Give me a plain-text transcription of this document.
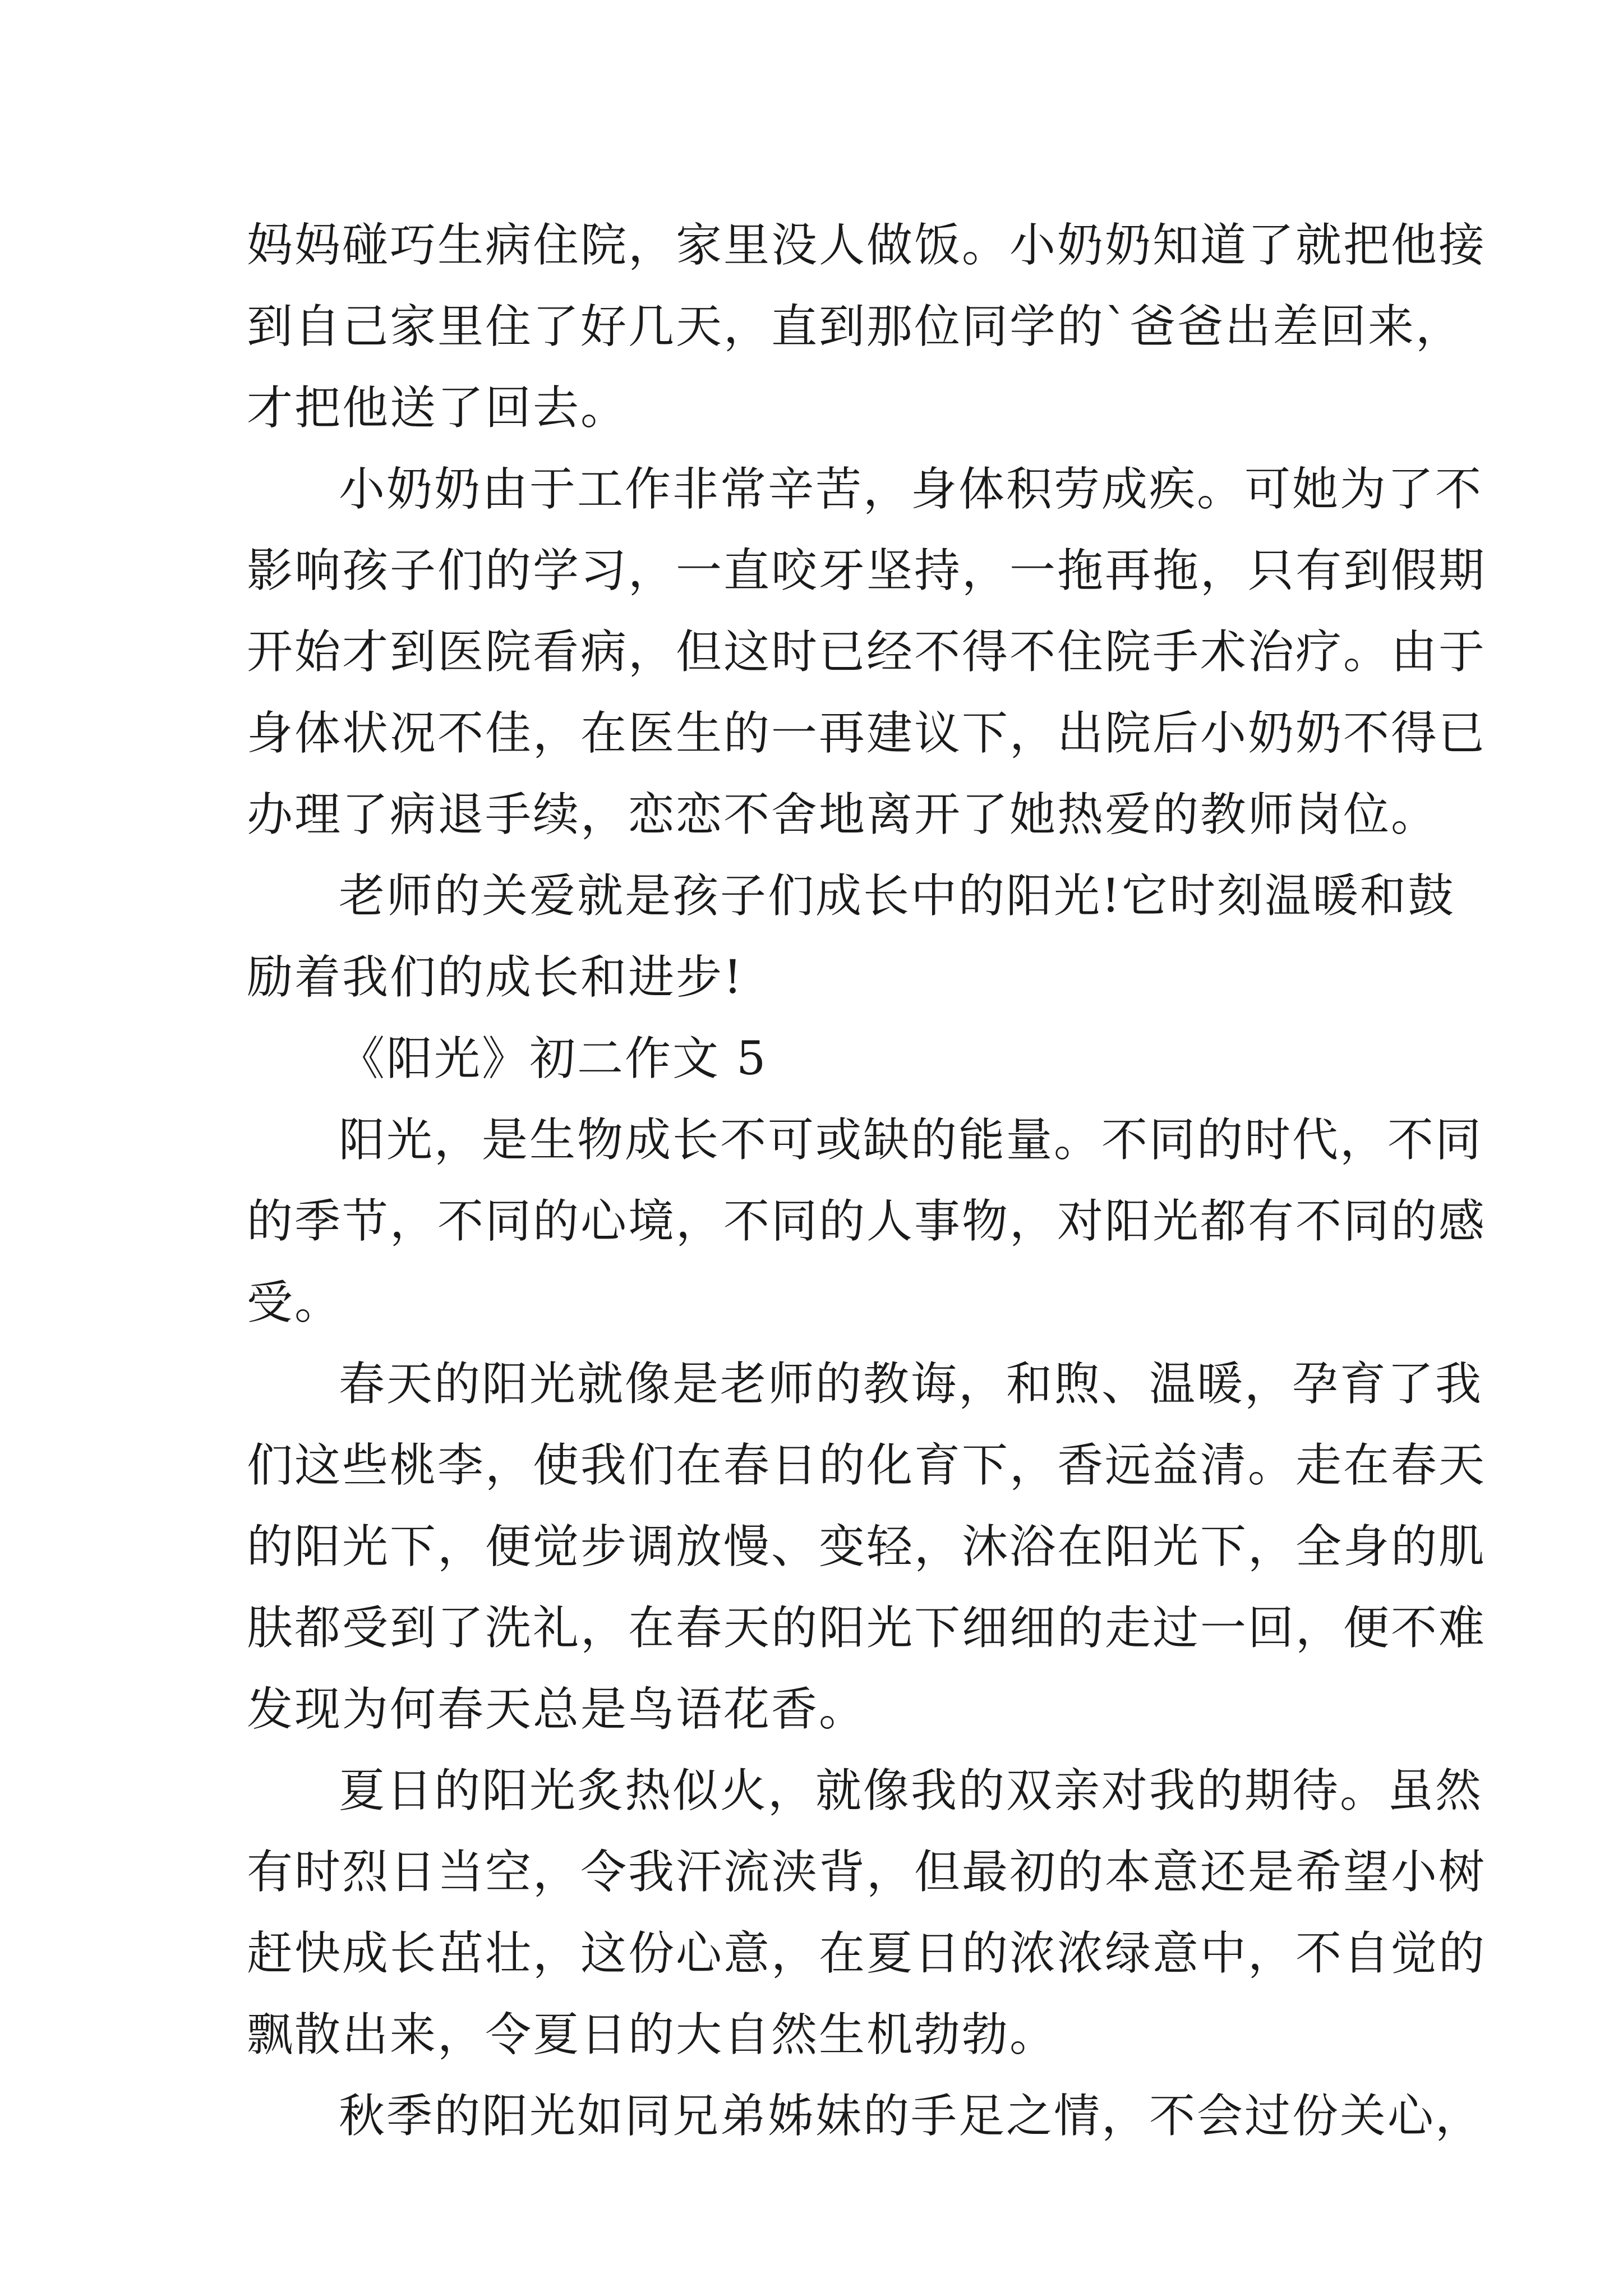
妈妈碰巧生病住院，家里没人做饭。小奶奶知道了就把他接
到自己家里住了好几天，直到那位同学的`爸爸出差回来，
才把他送了回去。
小奶奶由于工作非常辛苦，身体积劳成疾。可她为了不
影响孩子们的学习，一直咬牙坚持，一拖再拖，只有到假期
开始才到医院看病，但这时已经不得不住院手术治疗。由于
身体状况不佳，在医生的一再建议下，出院后小奶奶不得已
办理了病退手续，恋恋不舍地离开了她热爱的教师岗位。
老师的关爱就是孩子们成长中的阳光!它时刻温暖和鼓
励着我们的成长和进步!
《阳光》初二作文 5
阳光，是生物成长不可或缺的能量。不同的时代，不同
的季节，不同的心境，不同的人事物，对阳光都有不同的感
受。
春天的阳光就像是老师的教诲，和煦、温暖，孕育了我
们这些桃李，使我们在春日的化育下，香远益清。走在春天
的阳光下，便觉步调放慢、变轻，沐浴在阳光下，全身的肌
肤都受到了洗礼，在春天的阳光下细细的走过一回，便不难
发现为何春天总是鸟语花香。
夏日的阳光炙热似火，就像我的双亲对我的期待。虽然
有时烈日当空，令我汗流浃背，但最初的本意还是希望小树
赶快成长茁壮，这份心意，在夏日的浓浓绿意中，不自觉的
飘散出来，令夏日的大自然生机勃勃。
秋季的阳光如同兄弟姊妹的手足之情，不会过份关心，
